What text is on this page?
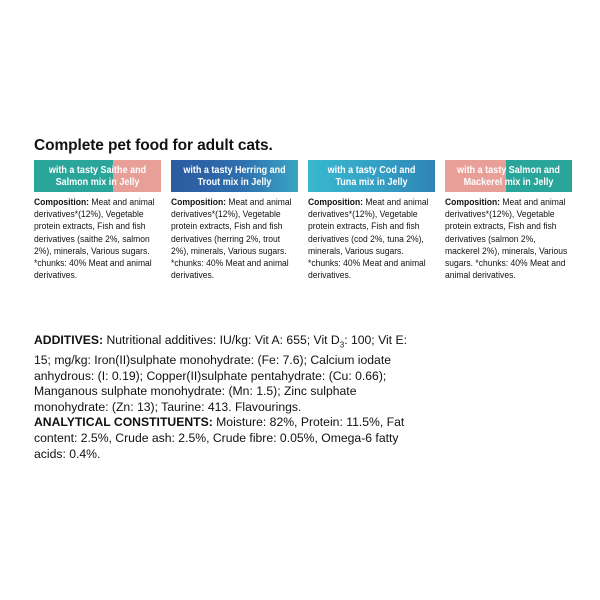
Complete pet food for adult cats.
with a tasty Saithe and
Salmon mix in Jelly
Composition: Meat and animal derivatives*(12%), Vegetable protein extracts, Fish and fish derivatives (saithe 2%, salmon 2%), minerals, Various sugars. *chunks: 40% Meat and animal derivatives.
with a tasty Herring and
Trout mix in Jelly
Composition: Meat and animal derivatives*(12%), Vegetable protein extracts, Fish and fish derivatives (herring 2%, trout 2%), minerals, Various sugars. *chunks: 40% Meat and animal derivatives.
with a tasty Cod and
Tuna mix in Jelly
Composition: Meat and animal derivatives*(12%), Vegetable protein extracts, Fish and fish derivatives (cod 2%, tuna 2%), minerals, Various sugars. *chunks: 40% Meat and animal derivatives.
with a tasty Salmon and
Mackerel mix in Jelly
Composition: Meat and animal derivatives*(12%), Vegetable protein extracts, Fish and fish derivatives (salmon 2%, mackerel 2%), minerals, Various sugars. *chunks: 40% Meat and animal derivatives.
ADDITIVES: Nutritional additives: IU/kg: Vit A: 655; Vit $D_3$: 100; Vit E: 15; mg/kg: Iron(II)sulphate monohydrate: (Fe: 7.6); Calcium iodate anhydrous: (I: 0.19); Copper(II)sulphate pentahydrate: (Cu: 0.66); Manganous sulphate monohydrate: (Mn: 1.5); Zinc sulphate monohydrate: (Zn: 13); Taurine: 413. Flavourings.
ANALYTICAL CONSTITUENTS: Moisture: 82%, Protein: 11.5%, Fat content: 2.5%, Crude ash: 2.5%, Crude fibre: 0.05%, Omega-6 fatty acids: 0.4%.
